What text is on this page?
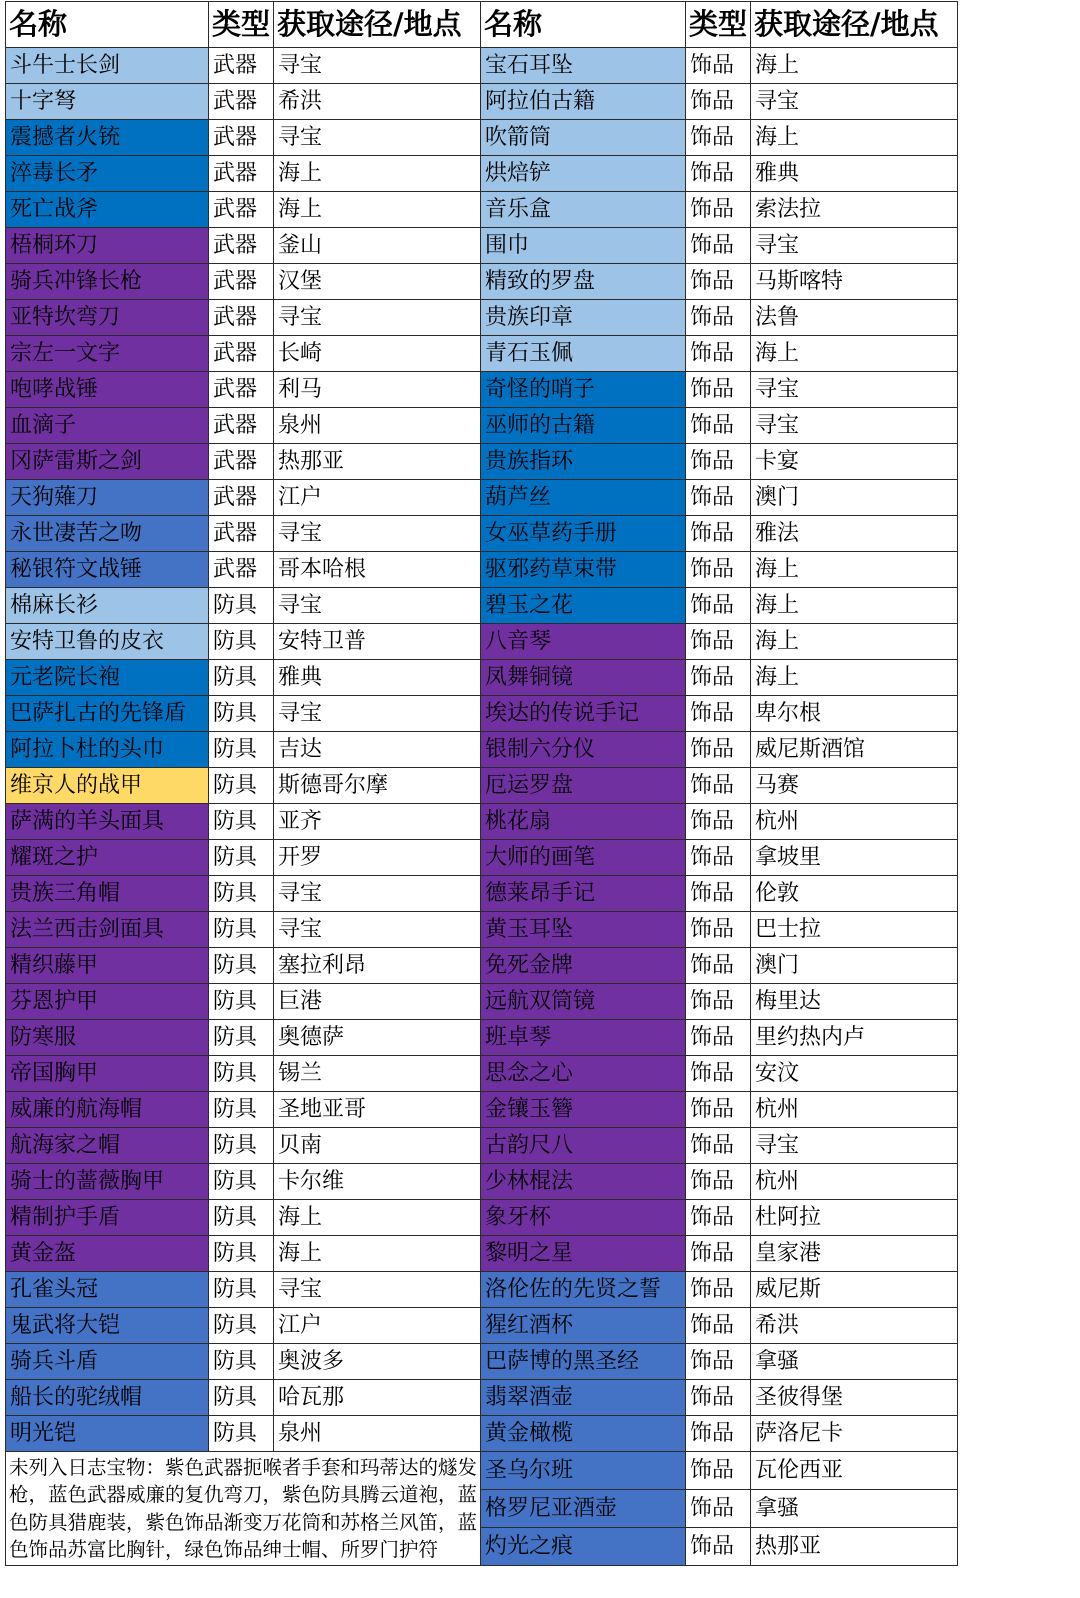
名称	类型	获取途径/地点	名称	类型	获取途径/地点
斗牛士长剑	武器	寻宝	宝石耳坠	饰品	海上
十字弩	武器	希洪	阿拉伯古籍	饰品	寻宝
震撼者火铳	武器	寻宝	吹箭筒	饰品	海上
淬毒长矛	武器	海上	烘焙铲	饰品	雅典
死亡战斧	武器	海上	音乐盒	饰品	索法拉
梧桐环刀	武器	釜山	围巾	饰品	寻宝
骑兵冲锋长枪	武器	汉堡	精致的罗盘	饰品	马斯喀特
亚特坎弯刀	武器	寻宝	贵族印章	饰品	法鲁
宗左一文字	武器	长崎	青石玉佩	饰品	海上
咆哮战锤	武器	利马	奇怪的哨子	饰品	寻宝
血滴子	武器	泉州	巫师的古籍	饰品	寻宝
冈萨雷斯之剑	武器	热那亚	贵族指环	饰品	卡宴
天狗薙刀	武器	江户	葫芦丝	饰品	澳门
永世凄苦之吻	武器	寻宝	女巫草药手册	饰品	雅法
秘银符文战锤	武器	哥本哈根	驱邪药草束带	饰品	海上
棉麻长衫	防具	寻宝	碧玉之花	饰品	海上
安特卫鲁的皮衣	防具	安特卫普	八音琴	饰品	海上
元老院长袍	防具	雅典	凤舞铜镜	饰品	海上
巴萨扎古的先锋盾	防具	寻宝	埃达的传说手记	饰品	卑尔根
阿拉卜杜的头巾	防具	吉达	银制六分仪	饰品	威尼斯酒馆
维京人的战甲	防具	斯德哥尔摩	厄运罗盘	饰品	马赛
萨满的羊头面具	防具	亚齐	桃花扇	饰品	杭州
耀斑之护	防具	开罗	大师的画笔	饰品	拿坡里
贵族三角帽	防具	寻宝	德莱昂手记	饰品	伦敦
法兰西击剑面具	防具	寻宝	黄玉耳坠	饰品	巴士拉
精织藤甲	防具	塞拉利昂	免死金牌	饰品	澳门
芬恩护甲	防具	巨港	远航双筒镜	饰品	梅里达
防寒服	防具	奥德萨	班卓琴	饰品	里约热内卢
帝国胸甲	防具	锡兰	思念之心	饰品	安汶
威廉的航海帽	防具	圣地亚哥	金镶玉簪	饰品	杭州
航海家之帽	防具	贝南	古韵尺八	饰品	寻宝
骑士的蔷薇胸甲	防具	卡尔维	少林棍法	饰品	杭州
精制护手盾	防具	海上	象牙杯	饰品	杜阿拉
黄金盔	防具	海上	黎明之星	饰品	皇家港
孔雀头冠	防具	寻宝	洛伦佐的先贤之誓	饰品	威尼斯
鬼武将大铠	防具	江户	猩红酒杯	饰品	希洪
骑兵斗盾	防具	奥波多	巴萨博的黑圣经	饰品	拿骚
船长的驼绒帽	防具	哈瓦那	翡翠酒壶	饰品	圣彼得堡
明光铠	防具	泉州	黄金橄榄	饰品	萨洛尼卡
未列入日志宝物：紫色武器扼喉者手套和玛蒂达的燧发枪，蓝色武器威廉的复仇弯刀，紫色防具腾云道袍，蓝色防具猎鹿装，紫色饰品渐变万花筒和苏格兰风笛，蓝色饰品苏富比胸针，绿色饰品绅士帽、所罗门护符			圣乌尔班	饰品	瓦伦西亚
			格罗尼亚酒壶	饰品	拿骚
			灼光之痕	饰品	热那亚
